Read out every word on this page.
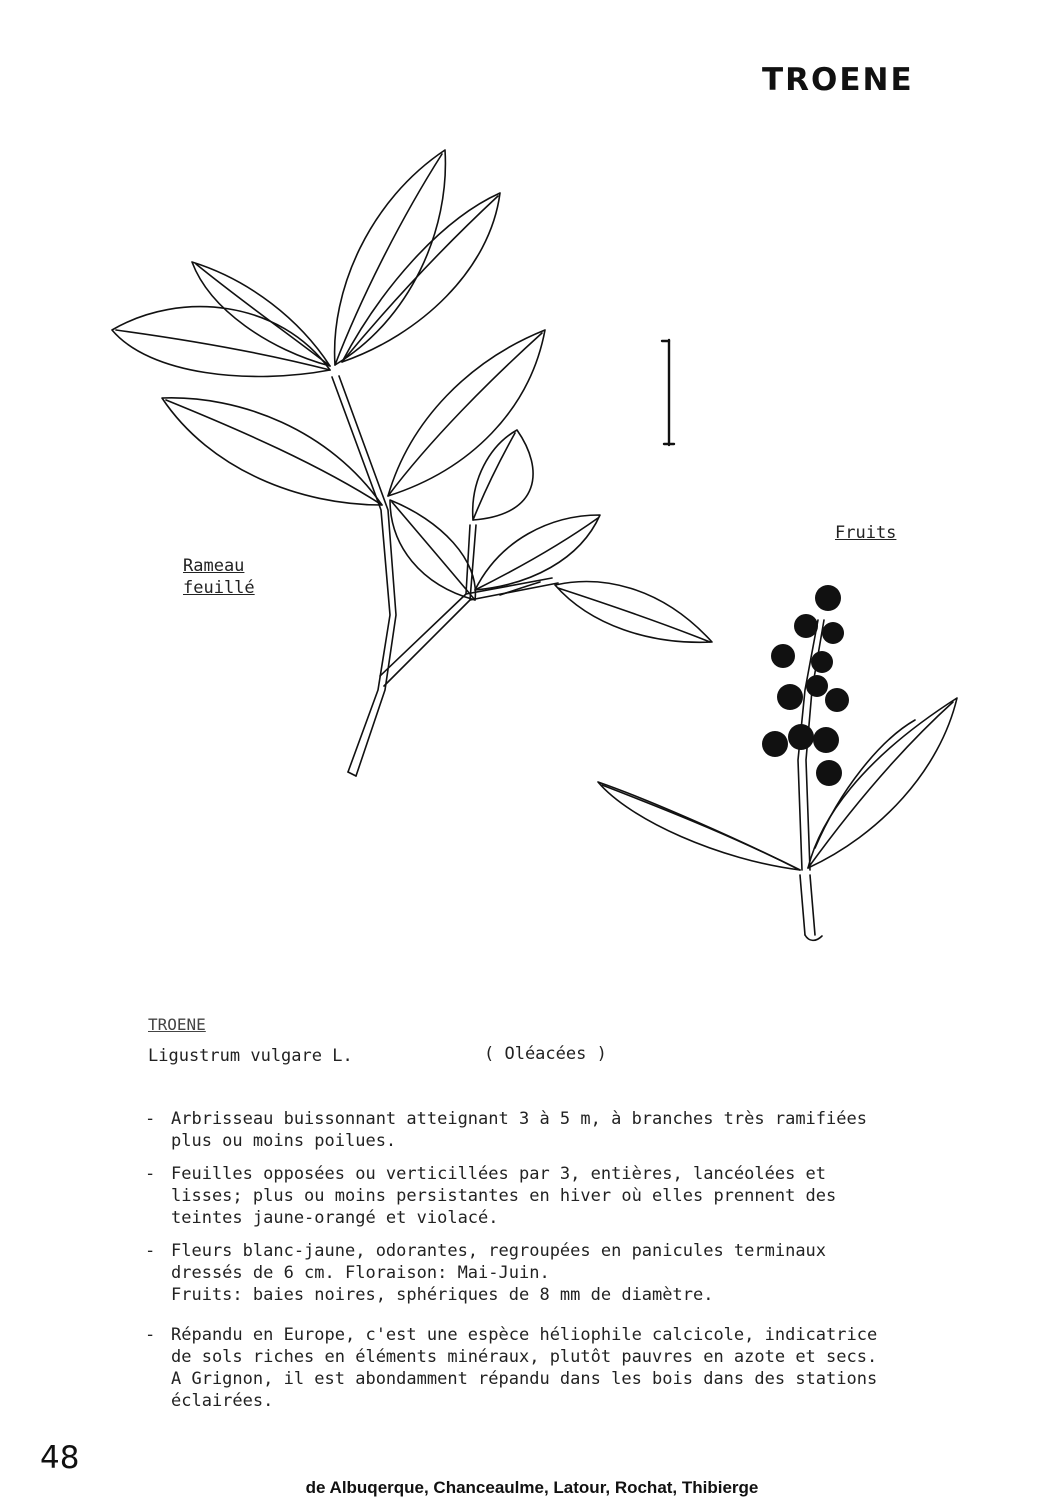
TROENE
Rameau
feuillé
Fruits
TROENE
Ligustrum vulgare L.	( Oléacées )
- Arbrisseau buissonnant atteignant 3 à 5 m, à branches très ramifiées
plus ou moins poilues.
- Feuilles opposées ou verticillées par 3, entières, lancéolées et
lisses; plus ou moins persistantes en hiver où elles prennent des
teintes jaune-orangé et violacé.
- Fleurs blanc-jaune, odorantes, regroupées en panicules terminaux
dressés de 6 cm. Floraison: Mai-Juin.
Fruits: baies noires, sphériques de 8 mm de diamètre.
- Répandu en Europe, c'est une espèce héliophile calcicole, indicatrice
de sols riches en éléments minéraux, plutôt pauvres en azote et secs.
A Grignon, il est abondamment répandu dans les bois dans des stations
éclairées.
48
de Albuqerque, Chanceaulme, Latour, Rochat, Thibierge
